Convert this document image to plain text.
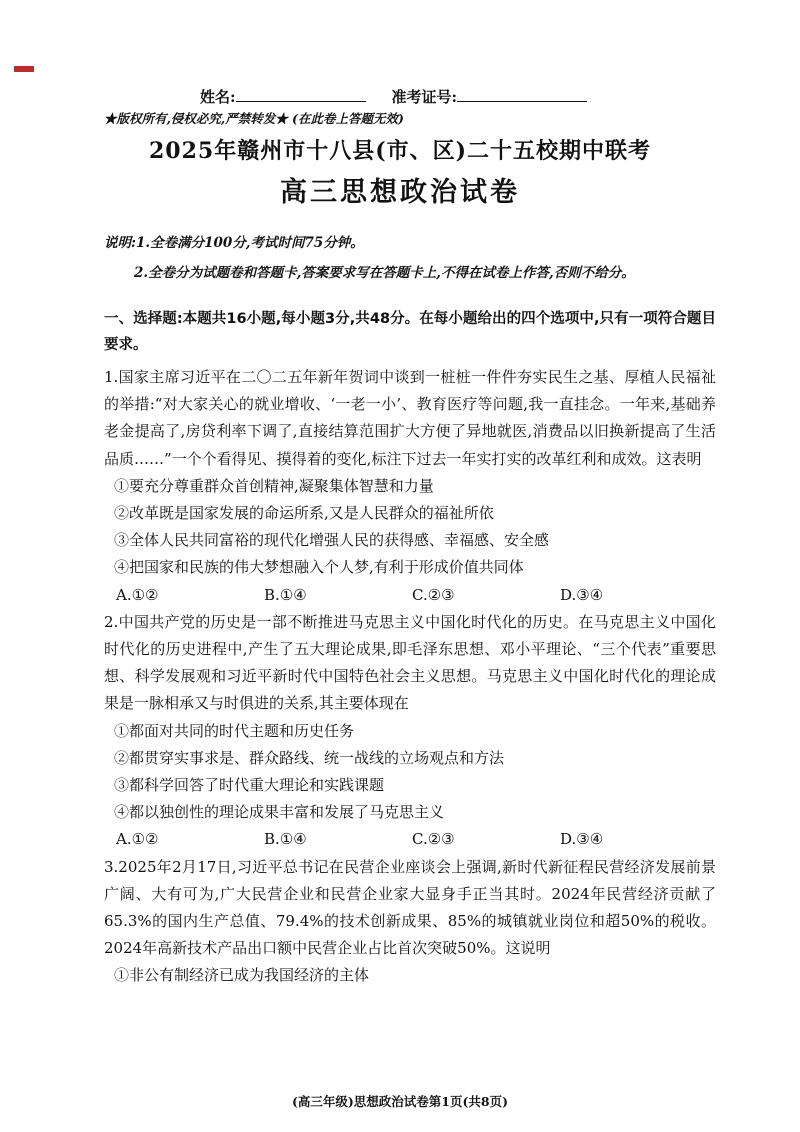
姓名:	准考证号:
★版权所有,侵权必究,严禁转发★ (在此卷上答题无效)
2025年赣州市十八县(市、区)二十五校期中联考
高三思想政治试卷
说明:1.全卷满分100分,考试时间75分钟。
2.全卷分为试题卷和答题卡,答案要求写在答题卡上,不得在试卷上作答,否则不给分。

一、选择题:本题共16小题,每小题3分,共48分。在每小题给出的四个选项中,只有一项符合题目要求。

1.国家主席习近平在二〇二五年新年贺词中谈到一桩桩一件件夯实民生之基、厚植人民福祉的举措:“对大家关心的就业增收、‘一老一小’、教育医疗等问题,我一直挂念。一年来,基础养老金提高了,房贷利率下调了,直接结算范围扩大方便了异地就医,消费品以旧换新提高了生活品质……”一个个看得见、摸得着的变化,标注下过去一年实打实的改革红利和成效。这表明

①要充分尊重群众首创精神,凝聚集体智慧和力量

②改革既是国家发展的命运所系,又是人民群众的福祉所依

③全体人民共同富裕的现代化增强人民的获得感、幸福感、安全感

④把国家和民族的伟大梦想融入个人梦,有利于形成价值共同体

A.①②	B.①④	C.②③	D.③④

2.中国共产党的历史是一部不断推进马克思主义中国化时代化的历史。在马克思主义中国化时代化的历史进程中,产生了五大理论成果,即毛泽东思想、邓小平理论、“三个代表”重要思想、科学发展观和习近平新时代中国特色社会主义思想。马克思主义中国化时代化的理论成果是一脉相承又与时俱进的关系,其主要体现在

①都面对共同的时代主题和历史任务

②都贯穿实事求是、群众路线、统一战线的立场观点和方法

③都科学回答了时代重大理论和实践课题

④都以独创性的理论成果丰富和发展了马克思主义

A.①②	B.①④	C.②③	D.③④

3.2025年2月17日,习近平总书记在民营企业座谈会上强调,新时代新征程民营经济发展前景广阔、大有可为,广大民营企业和民营企业家大显身手正当其时。2024年民营经济贡献了65.3%的国内生产总值、79.4%的技术创新成果、85%的城镇就业岗位和超50%的税收。2024年高新技术产品出口额中民营企业占比首次突破50%。这说明

①非公有制经济已成为我国经济的主体

(高三年级)思想政治试卷第1页(共8页)
